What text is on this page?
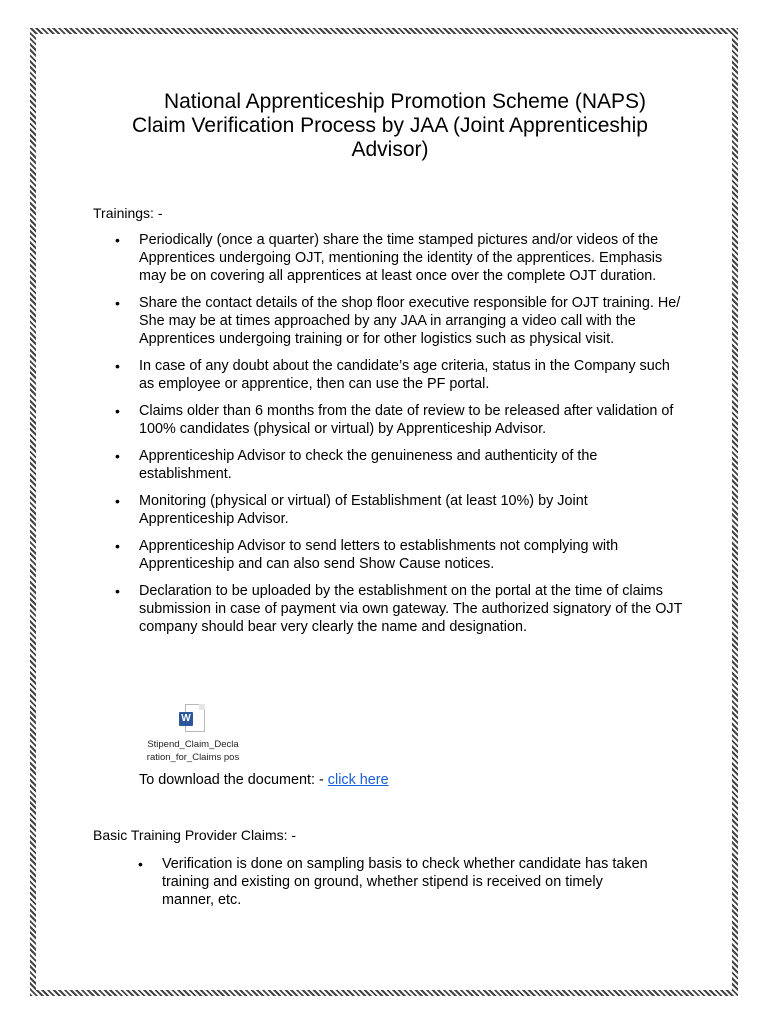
National Apprenticeship Promotion Scheme (NAPS)
Claim Verification Process by JAA (Joint Apprenticeship
Advisor)
Trainings: -
• Periodically (once a quarter) share the time stamped pictures and/or videos of the Apprentices undergoing OJT, mentioning the identity of the apprentices. Emphasis may be on covering all apprentices at least once over the complete OJT duration.
• Share the contact details of the shop floor executive responsible for OJT training. He/ She may be at times approached by any JAA in arranging a video call with the Apprentices undergoing training or for other logistics such as physical visit.
• In case of any doubt about the candidate’s age criteria, status in the Company such as employee or apprentice, then can use the PF portal.
• Claims older than 6 months from the date of review to be released after validation of 100% candidates (physical or virtual) by Apprenticeship Advisor.
• Apprenticeship Advisor to check the genuineness and authenticity of the establishment.
• Monitoring (physical or virtual) of Establishment (at least 10%) by Joint Apprenticeship Advisor.
• Apprenticeship Advisor to send letters to establishments not complying with Apprenticeship and can also send Show Cause notices.
• Declaration to be uploaded by the establishment on the portal at the time of claims submission in case of payment via own gateway. The authorized signatory of the OJT company should bear very clearly the name and designation.
W
Stipend_Claim_Decla
ration_for_Claims pos
To download the document: - click here
Basic Training Provider Claims: -
• Verification is done on sampling basis to check whether candidate has taken training and existing on ground, whether stipend is received on timely manner, etc.
